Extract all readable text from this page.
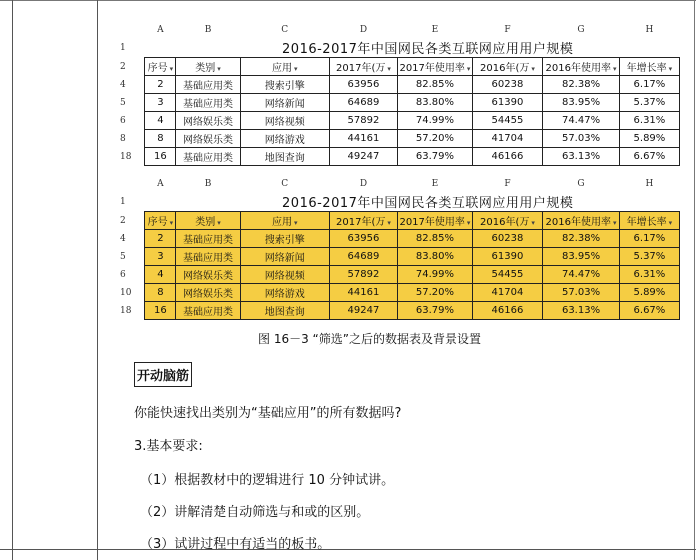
	A	B	C	D	E	F	G	H
1		2016-2017年中国网民各类互联网应用用户规模						
2	序号 ▾	类别 ▾	应用 ▾	2017年(万 ▾	2017年使用率 ▾	2016年(万 ▾	2016年使用率 ▾	年增长率 ▾
4	2	基础应用类	搜索引擎	63956	82.85%	60238	82.38%	6.17%
5	3	基础应用类	网络新闻	64689	83.80%	61390	83.95%	5.37%
6	4	网络娱乐类	网络视频	57892	74.99%	54455	74.47%	6.31%
8	8	网络娱乐类	网络游戏	44161	57.20%	41704	57.03%	5.89%
18	16	基础应用类	地图查询	49247	63.79%	46166	63.13%	6.67%
	A	B	C	D	E	F	G	H
1		2016-2017年中国网民各类互联网应用用户规模						
2	序号 ▾	类别 ▾	应用 ▾	2017年(万 ▾	2017年使用率 ▾	2016年(万 ▾	2016年使用率 ▾	年增长率 ▾
4	2	基础应用类	搜索引擎	63956	82.85%	60238	82.38%	6.17%
5	3	基础应用类	网络新闻	64689	83.80%	61390	83.95%	5.37%
6	4	网络娱乐类	网络视频	57892	74.99%	54455	74.47%	6.31%
10	8	网络娱乐类	网络游戏	44161	57.20%	41704	57.03%	5.89%
18	16	基础应用类	地图查询	49247	63.79%	46166	63.13%	6.67%
图 16－3 “筛选”之后的数据表及背景设置
开动脑筋
你能快速找出类别为“基础应用”的所有数据吗?
3.基本要求:
（1）根据教材中的逻辑进行 10 分钟试讲。
（2）讲解清楚自动筛选与和或的区别。
（3）试讲过程中有适当的板书。
